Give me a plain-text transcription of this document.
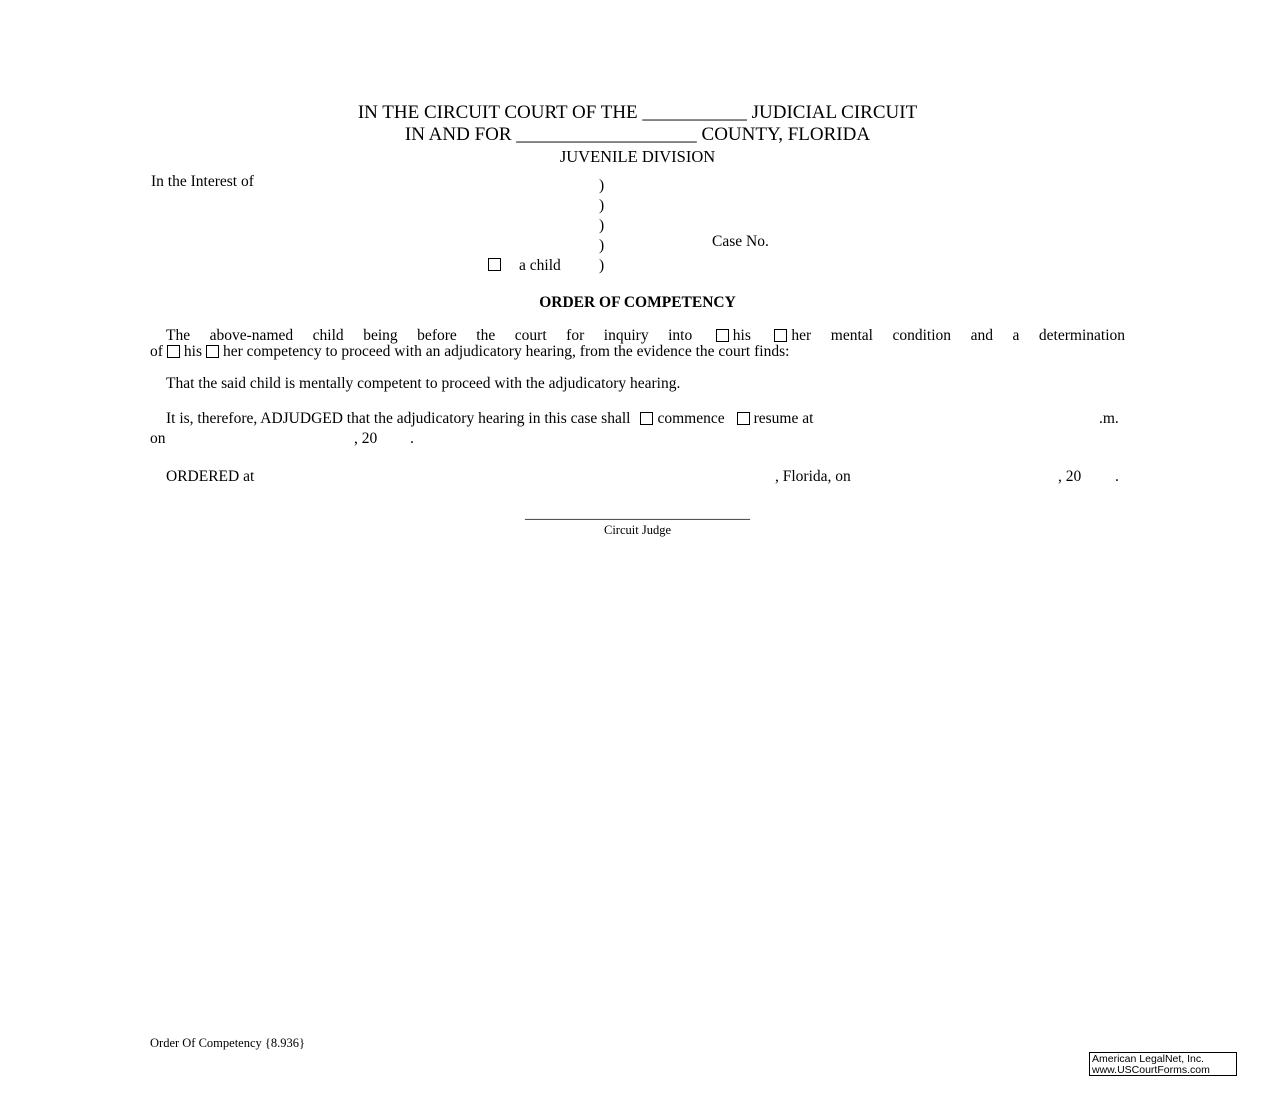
IN THE CIRCUIT COURT OF THE ___________ JUDICIAL CIRCUIT
IN AND FOR ___________________ COUNTY, FLORIDA
JUVENILE DIVISION
In the Interest of	)
)
)
)
)
a child
Case No.
ORDER OF COMPETENCY
The above-named child being before the court for inquiry into	his	her mental condition and a determination
of his her competency to proceed with an adjudicatory hearing, from the evidence the court finds:
That the said child is mentally competent to proceed with the adjudicatory hearing.
It is, therefore, ADJUDGED that the adjudicatory hearing in this case shall commence resume at	.m.
on	, 20 .
ORDERED at	, Florida, on	, 20 .
______________________________
Circuit Judge
Order Of Competency {8.936}
American LegalNet, Inc.
www.USCourtForms.com
